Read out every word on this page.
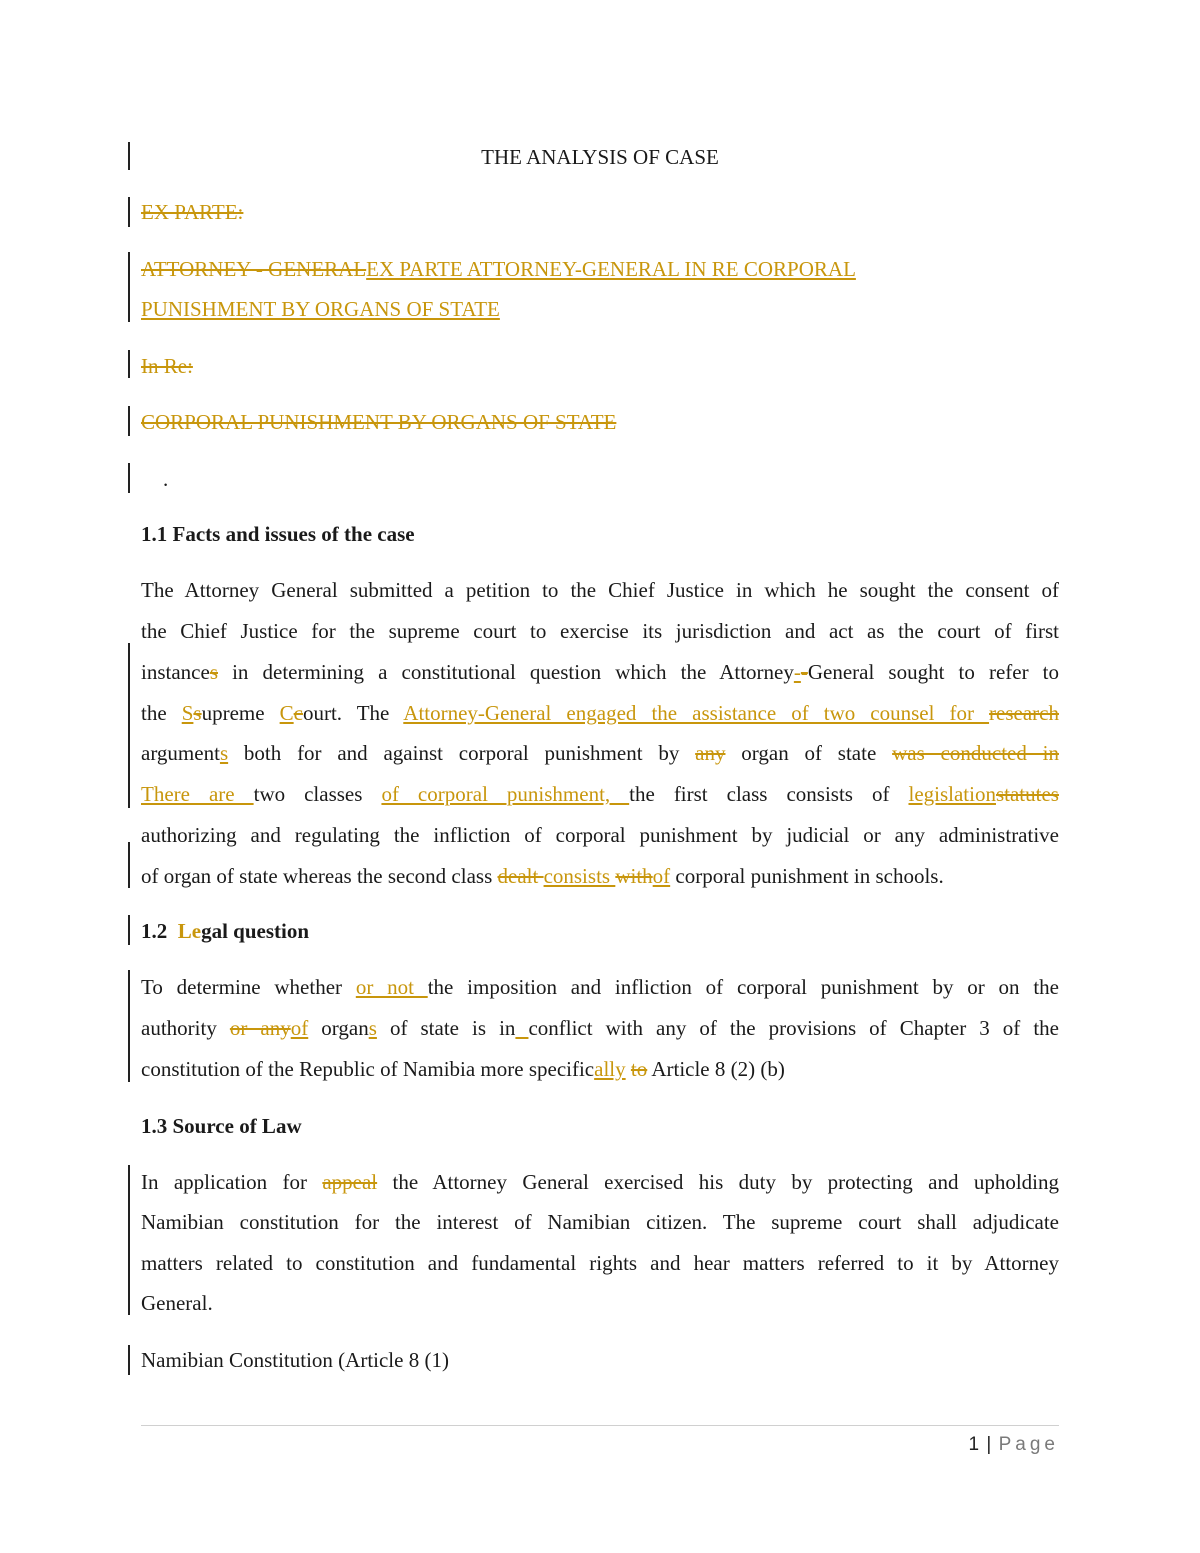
THE ANALYSIS OF CASE
EX PARTE:
ATTORNEY - GENERALEX PARTE ATTORNEY-GENERAL IN RE CORPORAL
PUNISHMENT BY ORGANS OF STATE
In Re:
CORPORAL PUNISHMENT BY ORGANS OF STATE
.
1.1 Facts and issues of the case
The Attorney General submitted a petition to the Chief Justice in which he sought the consent of
the Chief Justice for the supreme court to exercise its jurisdiction and act as the court of first
instances in determining a constitutional question which the Attorney--General sought to refer to
the Ssupreme Ccourt. The Attorney-General engaged the assistance of two counsel for research
arguments both for and against corporal punishment by any organ of state was conducted in
There are two classes of corporal punishment, the first class consists of legislationstatutes
authorizing and regulating the infliction of corporal punishment by judicial or any administrative
of organ of state whereas the second class dealt consists withof corporal punishment in schools.
1.2  Legal question
To determine whether or not the imposition and infliction of corporal punishment by or on the
authority or anyof organs of state is in conflict with any of the provisions of Chapter 3 of the
constitution of the Republic of Namibia more specifically to Article 8 (2) (b)
1.3 Source of Law
In application for appeal the Attorney General exercised his duty by protecting and upholding
Namibian constitution for the interest of Namibian citizen. The supreme court shall adjudicate
matters related to constitution and fundamental rights and hear matters referred to it by Attorney
General.
Namibian Constitution (Article 8 (1)
1 | Page
